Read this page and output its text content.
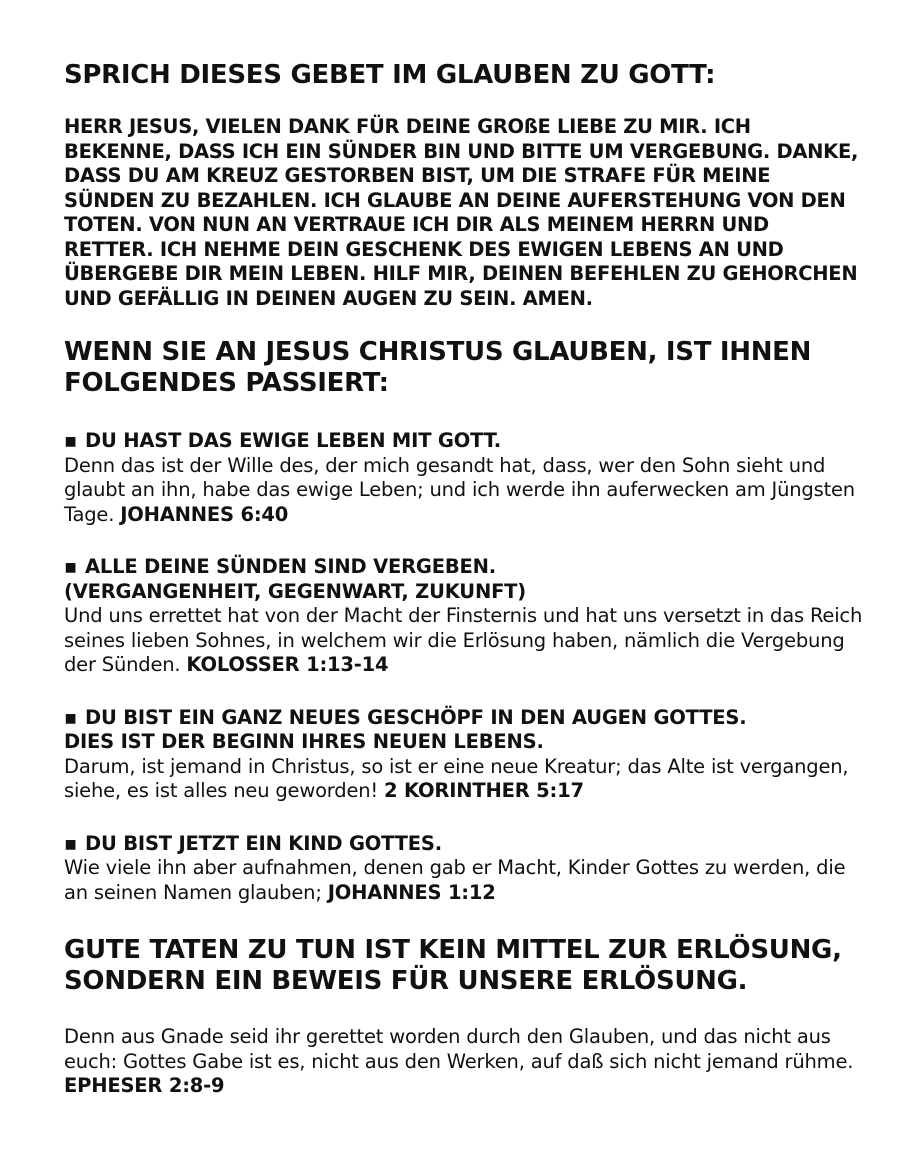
SPRICH DIESES GEBET IM GLAUBEN ZU GOTT:

HERR JESUS, VIELEN DANK FÜR DEINE GROßE LIEBE ZU MIR. ICH BEKENNE, DASS ICH EIN SÜNDER BIN UND BITTE UM VERGEBUNG. DANKE, DASS DU AM KREUZ GESTORBEN BIST, UM DIE STRAFE FÜR MEINE SÜNDEN ZU BEZAHLEN. ICH GLAUBE AN DEINE AUFERSTEHUNG VON DEN TOTEN. VON NUN AN VERTRAUE ICH DIR ALS MEINEM HERRN UND RETTER. ICH NEHME DEIN GESCHENK DES EWIGEN LEBENS AN UND ÜBERGEBE DIR MEIN LEBEN. HILF MIR, DEINEN BEFEHLEN ZU GEHORCHEN UND GEFÄLLIG IN DEINEN AUGEN ZU SEIN. AMEN.

WENN SIE AN JESUS CHRISTUS GLAUBEN, IST IHNEN FOLGENDES PASSIERT:
▪ DU HAST DAS EWIGE LEBEN MIT GOTT.
Denn das ist der Wille des, der mich gesandt hat, dass, wer den Sohn sieht und glaubt an ihn, habe das ewige Leben; und ich werde ihn auferwecken am Jüngsten Tage. JOHANNES 6:40
▪ ALLE DEINE SÜNDEN SIND VERGEBEN.
(VERGANGENHEIT, GEGENWART, ZUKUNFT)
Und uns errettet hat von der Macht der Finsternis und hat uns versetzt in das Reich seines lieben Sohnes, in welchem wir die Erlösung haben, nämlich die Vergebung der Sünden. KOLOSSER 1:13-14
▪ DU BIST EIN GANZ NEUES GESCHÖPF IN DEN AUGEN GOTTES.
DIES IST DER BEGINN IHRES NEUEN LEBENS.
Darum, ist jemand in Christus, so ist er eine neue Kreatur; das Alte ist vergangen, siehe, es ist alles neu geworden! 2 KORINTHER 5:17
▪ DU BIST JETZT EIN KIND GOTTES.
Wie viele ihn aber aufnahmen, denen gab er Macht, Kinder Gottes zu werden, die an seinen Namen glauben; JOHANNES 1:12
GUTE TATEN ZU TUN IST KEIN MITTEL ZUR ERLÖSUNG, SONDERN EIN BEWEIS FÜR UNSERE ERLÖSUNG.

Denn aus Gnade seid ihr gerettet worden durch den Glauben, und das nicht aus euch: Gottes Gabe ist es, nicht aus den Werken, auf daß sich nicht jemand rühme. EPHESER 2:8-9
